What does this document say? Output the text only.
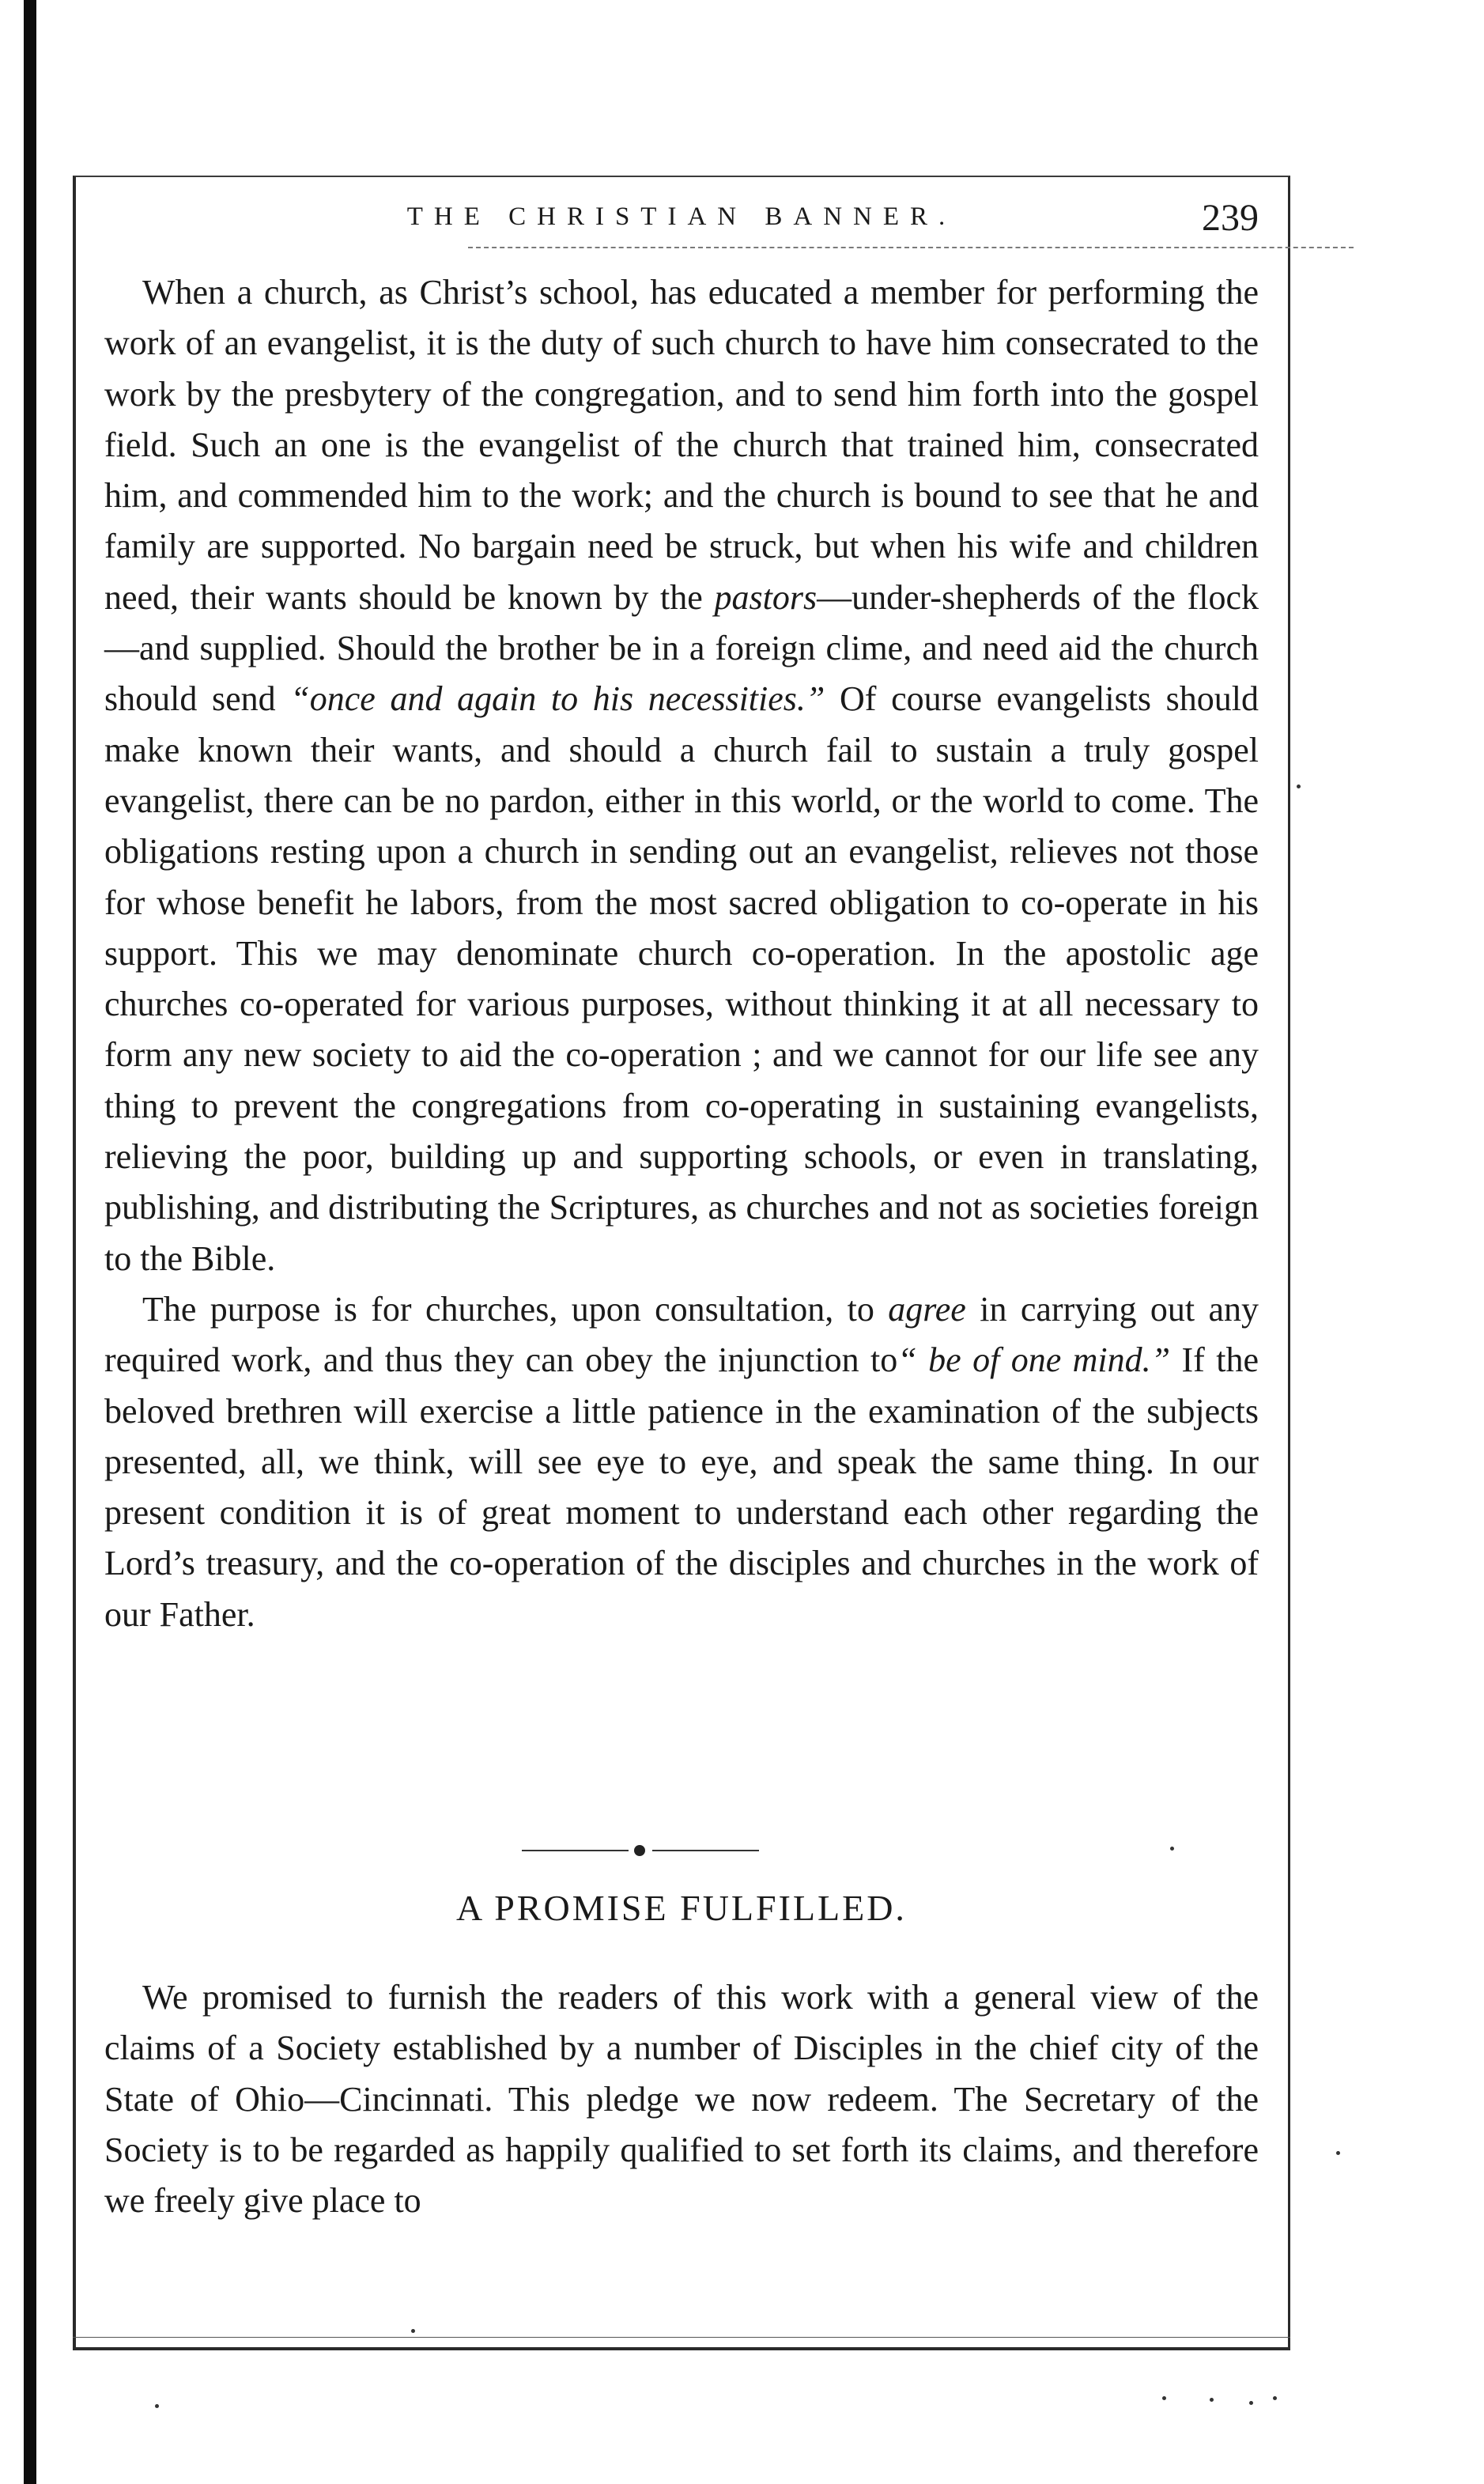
THE CHRISTIAN BANNER.	239

When a church, as Christ’s school, has educated a member for performing the work of an evangelist, it is the duty of such church to have him consecrated to the work by the presbytery of the congregation, and to send him forth into the gospel field. Such an one is the evangelist of the church that trained him, consecrated him, and commended him to the work; and the church is bound to see that he and family are supported. No bargain need be struck, but when his wife and children need, their wants should be known by the pastors—under-shepherds of the flock—and supplied. Should the brother be in a foreign clime, and need aid the church should send “once and again to his necessities.” Of course evangelists should make known their wants, and should a church fail to sustain a truly gospel evangelist, there can be no pardon, either in this world, or the world to come. The obligations resting upon a church in sending out an evangelist, relieves not those for whose benefit he labors, from the most sacred obligation to co-operate in his support. This we may denominate church co-operation. In the apostolic age churches co-operated for various purposes, without thinking it at all necessary to form any new society to aid the co-operation ; and we cannot for our life see any thing to prevent the congregations from co-operating in sustaining evangelists, relieving the poor, building up and supporting schools, or even in translating, publishing, and distributing the Scriptures, as churches and not as societies foreign to the Bible.

The purpose is for churches, upon consultation, to agree in carrying out any required work, and thus they can obey the injunction to“ be of one mind.” If the beloved brethren will exercise a little patience in the examination of the subjects presented, all, we think, will see eye to eye, and speak the same thing. In our present condition it is of great moment to understand each other regarding the Lord’s treasury, and the co-operation of the disciples and churches in the work of our Father.

A PROMISE FULFILLED.

We promised to furnish the readers of this work with a general view of the claims of a Society established by a number of Disciples in the chief city of the State of Ohio—Cincinnati. This pledge we now redeem. The Secretary of the Society is to be regarded as happily qualified to set forth its claims, and therefore we freely give place to
